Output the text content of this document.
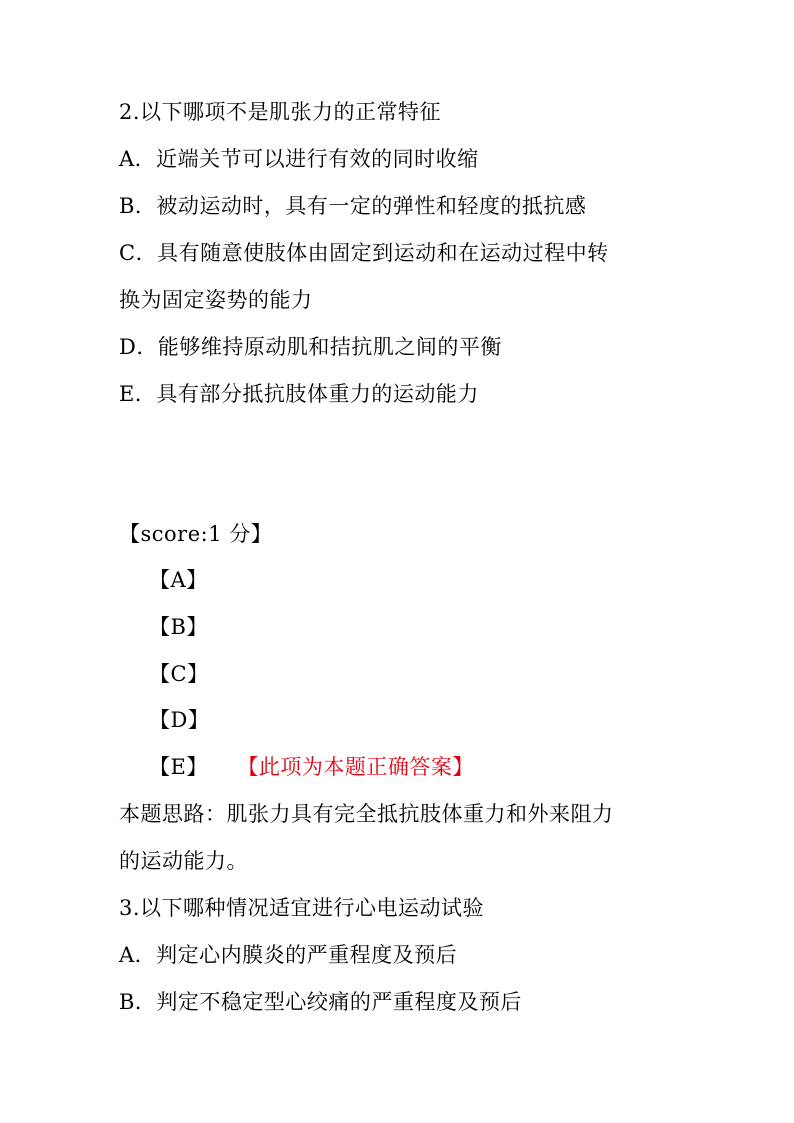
2.以下哪项不是肌张力的正常特征
A．近端关节可以进行有效的同时收缩
B．被动运动时，具有一定的弹性和轻度的抵抗感
C．具有随意使肢体由固定到运动和在运动过程中转
换为固定姿势的能力
D．能够维持原动肌和拮抗肌之间的平衡
E．具有部分抵抗肢体重力的运动能力
【score:1 分】
【A】
【B】
【C】
【D】
【E】 【此项为本题正确答案】
本题思路：肌张力具有完全抵抗肢体重力和外来阻力
的运动能力。
3.以下哪种情况适宜进行心电运动试验
A．判定心内膜炎的严重程度及预后
B．判定不稳定型心绞痛的严重程度及预后
